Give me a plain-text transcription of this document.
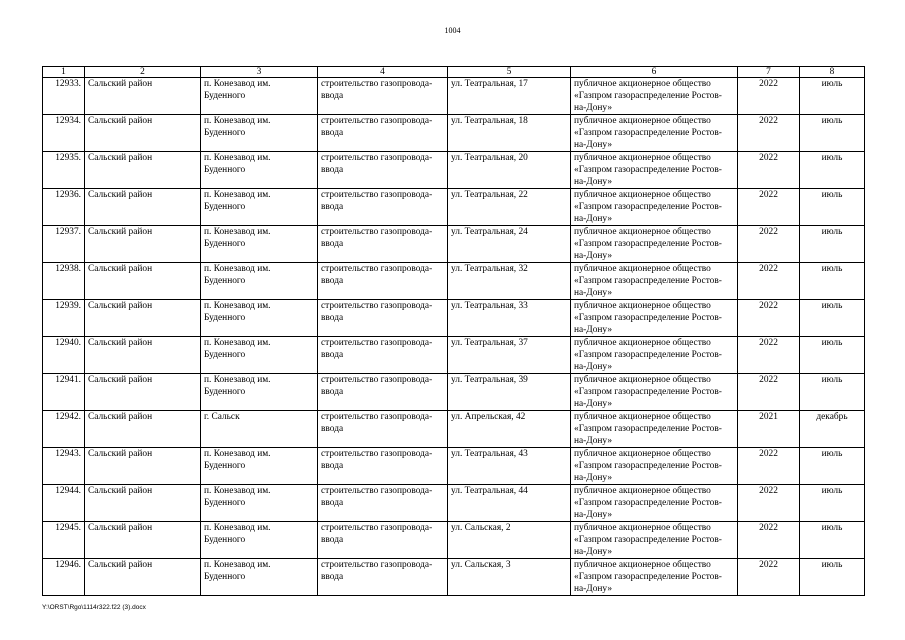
1004
1	2	3	4	5	6	7	8
12933.	Сальский район	п. Конезавод им. Буденного	строительство газопровода-ввода	ул. Театральная, 17	публичное акционерное общество «Газпром газораспределение Ростов-на-Дону»	2022	июль
12934.	Сальский район	п. Конезавод им. Буденного	строительство газопровода-ввода	ул. Театральная, 18	публичное акционерное общество «Газпром газораспределение Ростов-на-Дону»	2022	июль
12935.	Сальский район	п. Конезавод им. Буденного	строительство газопровода-ввода	ул. Театральная, 20	публичное акционерное общество «Газпром газораспределение Ростов-на-Дону»	2022	июль
12936.	Сальский район	п. Конезавод им. Буденного	строительство газопровода-ввода	ул. Театральная, 22	публичное акционерное общество «Газпром газораспределение Ростов-на-Дону»	2022	июль
12937.	Сальский район	п. Конезавод им. Буденного	строительство газопровода-ввода	ул. Театральная, 24	публичное акционерное общество «Газпром газораспределение Ростов-на-Дону»	2022	июль
12938.	Сальский район	п. Конезавод им. Буденного	строительство газопровода-ввода	ул. Театральная, 32	публичное акционерное общество «Газпром газораспределение Ростов-на-Дону»	2022	июль
12939.	Сальский район	п. Конезавод им. Буденного	строительство газопровода-ввода	ул. Театральная, 33	публичное акционерное общество «Газпром газораспределение Ростов-на-Дону»	2022	июль
12940.	Сальский район	п. Конезавод им. Буденного	строительство газопровода-ввода	ул. Театральная, 37	публичное акционерное общество «Газпром газораспределение Ростов-на-Дону»	2022	июль
12941.	Сальский район	п. Конезавод им. Буденного	строительство газопровода-ввода	ул. Театральная, 39	публичное акционерное общество «Газпром газораспределение Ростов-на-Дону»	2022	июль
12942.	Сальский район	г. Сальск	строительство газопровода-ввода	ул. Апрельская, 42	публичное акционерное общество «Газпром газораспределение Ростов-на-Дону»	2021	декабрь
12943.	Сальский район	п. Конезавод им. Буденного	строительство газопровода-ввода	ул. Театральная, 43	публичное акционерное общество «Газпром газораспределение Ростов-на-Дону»	2022	июль
12944.	Сальский район	п. Конезавод им. Буденного	строительство газопровода-ввода	ул. Театральная, 44	публичное акционерное общество «Газпром газораспределение Ростов-на-Дону»	2022	июль
12945.	Сальский район	п. Конезавод им. Буденного	строительство газопровода-ввода	ул. Сальская, 2	публичное акционерное общество «Газпром газораспределение Ростов-на-Дону»	2022	июль
12946.	Сальский район	п. Конезавод им. Буденного	строительство газопровода-ввода	ул. Сальская, 3	публичное акционерное общество «Газпром газораспределение Ростов-на-Дону»	2022	июль
Y:\ORST\Rgo\1114r322.f22 (3).docx
